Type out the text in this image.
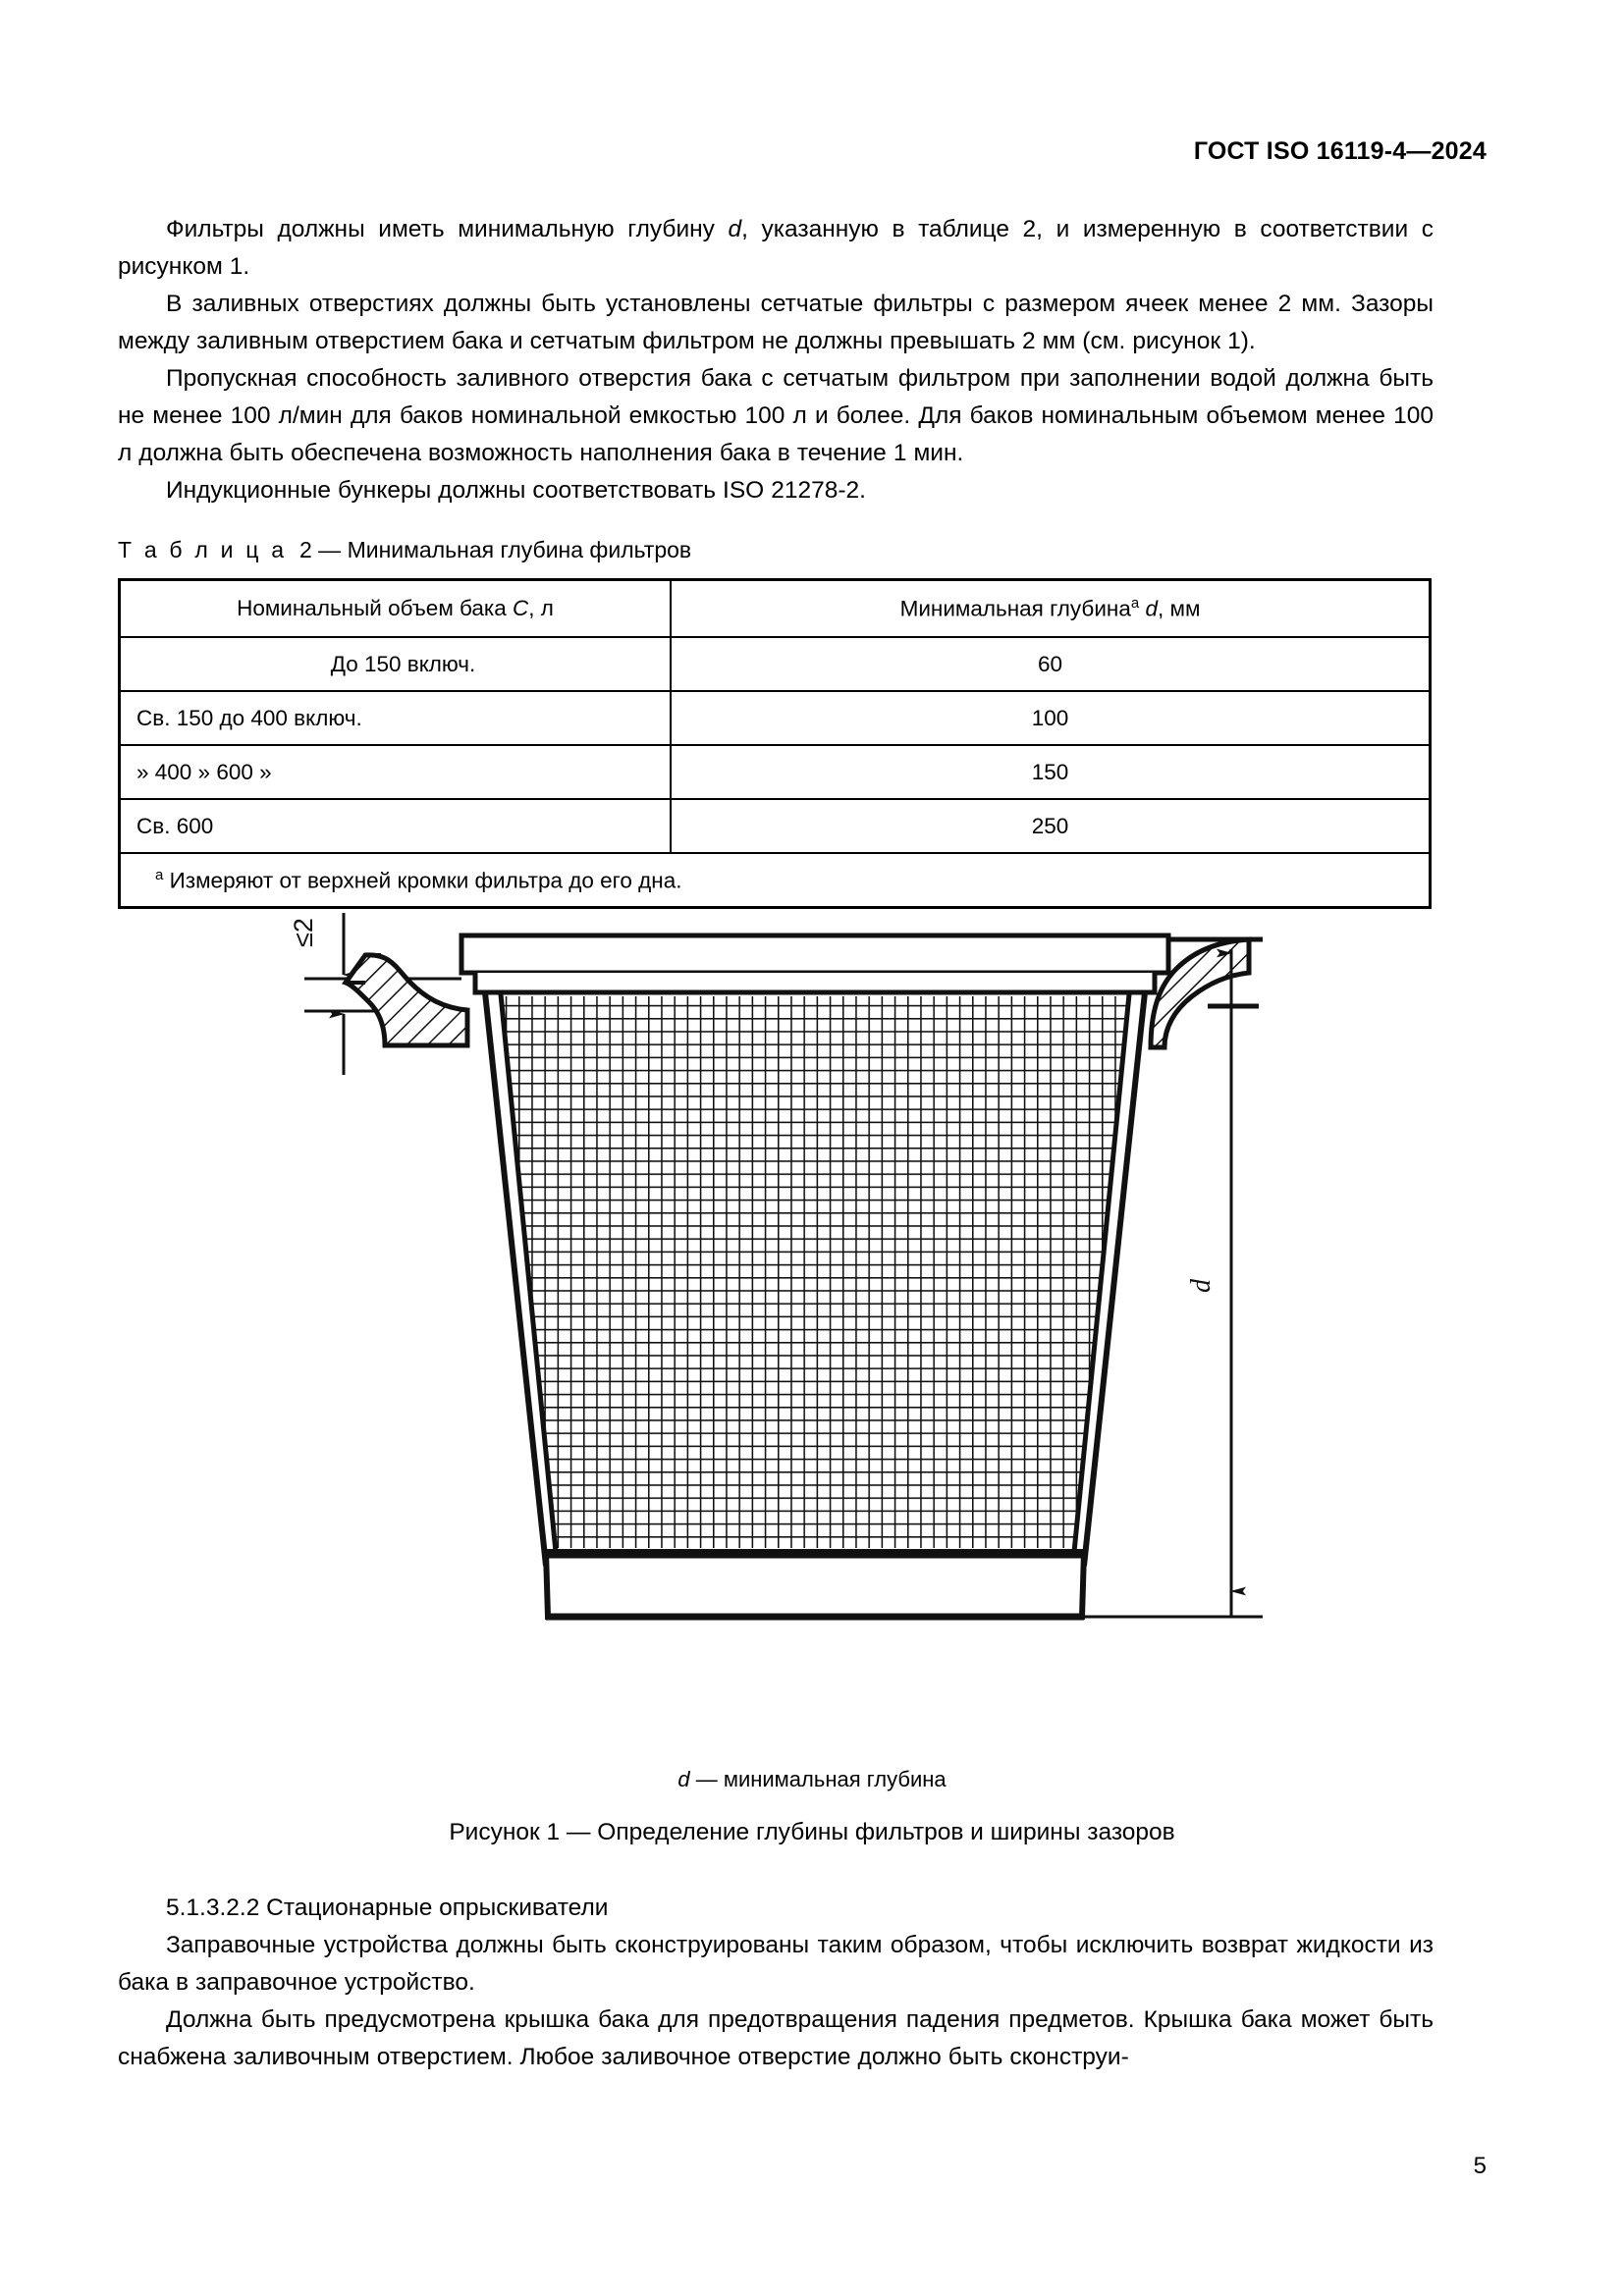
ГОСТ ISO 16119-4—2024

Фильтры должны иметь минимальную глубину d, указанную в таблице 2, и измеренную в соответствии с рисунком 1.

В заливных отверстиях должны быть установлены сетчатые фильтры с размером ячеек менее 2 мм. Зазоры между заливным отверстием бака и сетчатым фильтром не должны превышать 2 мм (см. рисунок 1).

Пропускная способность заливного отверстия бака с сетчатым фильтром при заполнении водой должна быть не менее 100 л/мин для баков номинальной емкостью 100 л и более. Для баков номинальным объемом менее 100 л должна быть обеспечена возможность наполнения бака в течение 1 мин.

Индукционные бункеры должны соответствовать ISO 21278-2.

Т а б л и ц а 2 — Минимальная глубина фильтров

Номинальный объем бака C, л	Минимальная глубина$^a$ d, мм
До 150 включ.	60
Св. 150 до 400 включ.	100
» 400 » 600 »	150
Св. 600	250
$^a$ Измеряют от верхней кромки фильтра до его дна.	
≤2
d
d — минимальная глубина
Рисунок 1 — Определение глубины фильтров и ширины зазоров

5.1.3.2.2 Стационарные опрыскиватели

Заправочные устройства должны быть сконструированы таким образом, чтобы исключить возврат жидкости из бака в заправочное устройство.

Должна быть предусмотрена крышка бака для предотвращения падения предметов. Крышка бака может быть снабжена заливочным отверстием. Любое заливочное отверстие должно быть сконструи-

5
